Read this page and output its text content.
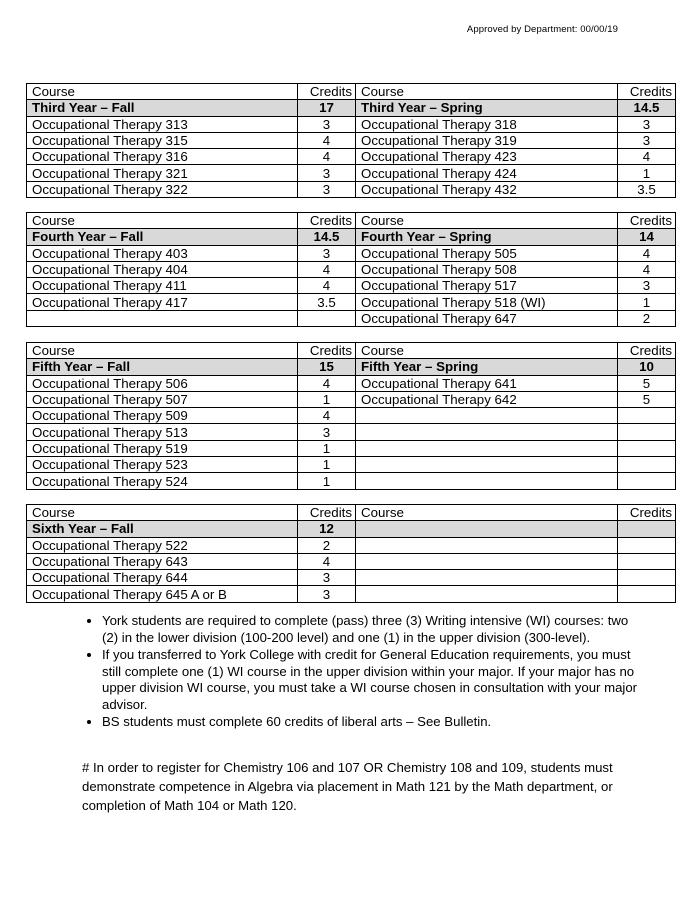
Approved by Department: 00/00/19
Course	Credits	Course	Credits
Third Year – Fall	17	Third Year – Spring	14.5
Occupational Therapy 313	3	Occupational Therapy 318	3
Occupational Therapy 315	4	Occupational Therapy 319	3
Occupational Therapy 316	4	Occupational Therapy 423	4
Occupational Therapy 321	3	Occupational Therapy 424	1
Occupational Therapy 322	3	Occupational Therapy 432	3.5
Course	Credits	Course	Credits
Fourth Year – Fall	14.5	Fourth Year – Spring	14
Occupational Therapy 403	3	Occupational Therapy 505	4
Occupational Therapy 404	4	Occupational Therapy 508	4
Occupational Therapy 411	4	Occupational Therapy 517	3
Occupational Therapy 417	3.5	Occupational Therapy 518 (WI)	1
		Occupational Therapy 647	2
Course	Credits	Course	Credits
Fifth Year – Fall	15	Fifth Year – Spring	10
Occupational Therapy 506	4	Occupational Therapy 641	5
Occupational Therapy 507	1	Occupational Therapy 642	5
Occupational Therapy 509	4		
Occupational Therapy 513	3		
Occupational Therapy 519	1		
Occupational Therapy 523	1		
Occupational Therapy 524	1		
Course	Credits	Course	Credits
Sixth Year – Fall	12		
Occupational Therapy 522	2		
Occupational Therapy 643	4		
Occupational Therapy 644	3		
Occupational Therapy 645 A or B	3		
• York students are required to complete (pass) three (3) Writing intensive (WI) courses: two (2) in the lower division (100-200 level) and one (1) in the upper division (300-level).
• If you transferred to York College with credit for General Education requirements, you must still complete one (1) WI course in the upper division within your major. If your major has no upper division WI course, you must take a WI course chosen in consultation with your major advisor.
• BS students must complete 60 credits of liberal arts – See Bulletin.

# In order to register for Chemistry 106 and 107 OR Chemistry 108 and 109, students must demonstrate competence in Algebra via placement in Math 121 by the Math department, or completion of Math 104 or Math 120.
